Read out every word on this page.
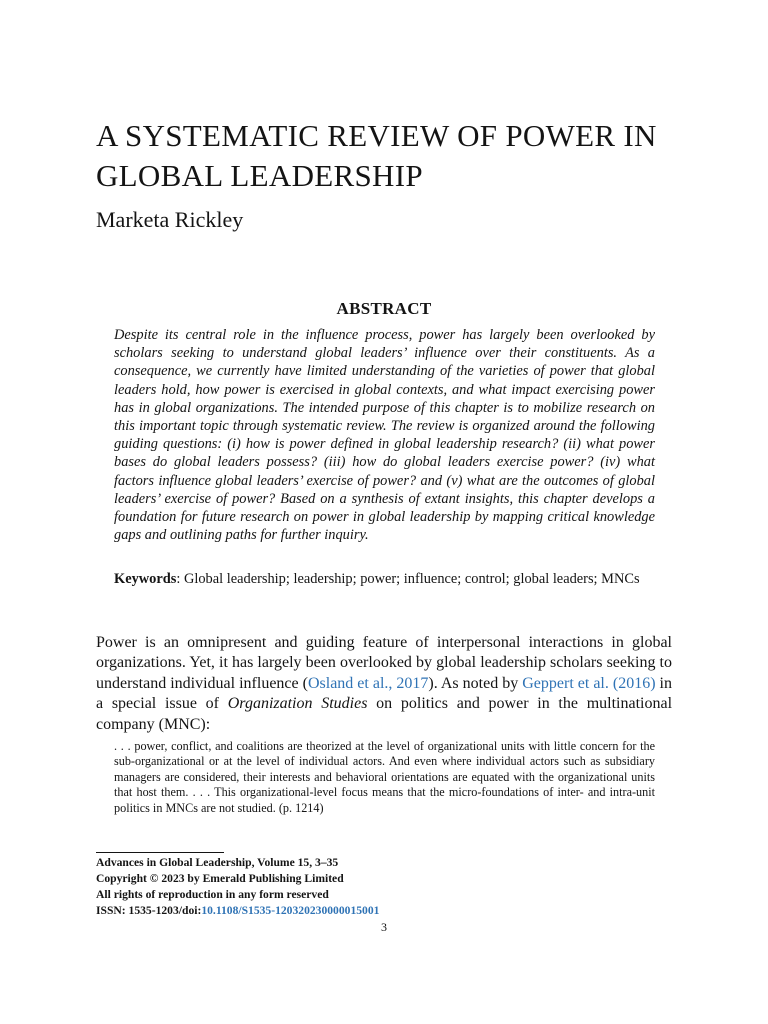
A SYSTEMATIC REVIEW OF POWER IN GLOBAL LEADERSHIP
Marketa Rickley
ABSTRACT
Despite its central role in the influence process, power has largely been overlooked by scholars seeking to understand global leaders’ influence over their constituents. As a consequence, we currently have limited understanding of the varieties of power that global leaders hold, how power is exercised in global contexts, and what impact exercising power has in global organizations. The intended purpose of this chapter is to mobilize research on this important topic through systematic review. The review is organized around the following guiding questions: (i) how is power defined in global leadership research? (ii) what power bases do global leaders possess? (iii) how do global leaders exercise power? (iv) what factors influence global leaders’ exercise of power? and (v) what are the outcomes of global leaders’ exercise of power? Based on a synthesis of extant insights, this chapter develops a foundation for future research on power in global leadership by mapping critical knowledge gaps and outlining paths for further inquiry.
Keywords: Global leadership; leadership; power; influence; control; global leaders; MNCs
Power is an omnipresent and guiding feature of interpersonal interactions in global organizations. Yet, it has largely been overlooked by global leadership scholars seeking to understand individual influence (Osland et al., 2017). As noted by Geppert et al. (2016) in a special issue of Organization Studies on politics and power in the multinational company (MNC):
. . . power, conflict, and coalitions are theorized at the level of organizational units with little concern for the sub-organizational or at the level of individual actors. And even where individual actors such as subsidiary managers are considered, their interests and behavioral orientations are equated with the organizational units that host them. . . . This organizational-level focus means that the micro-foundations of inter- and intra-unit politics in MNCs are not studied. (p. 1214)
Advances in Global Leadership, Volume 15, 3–35
Copyright © 2023 by Emerald Publishing Limited
All rights of reproduction in any form reserved
ISSN: 1535-1203/doi:10.1108/S1535-120320230000015001
3
